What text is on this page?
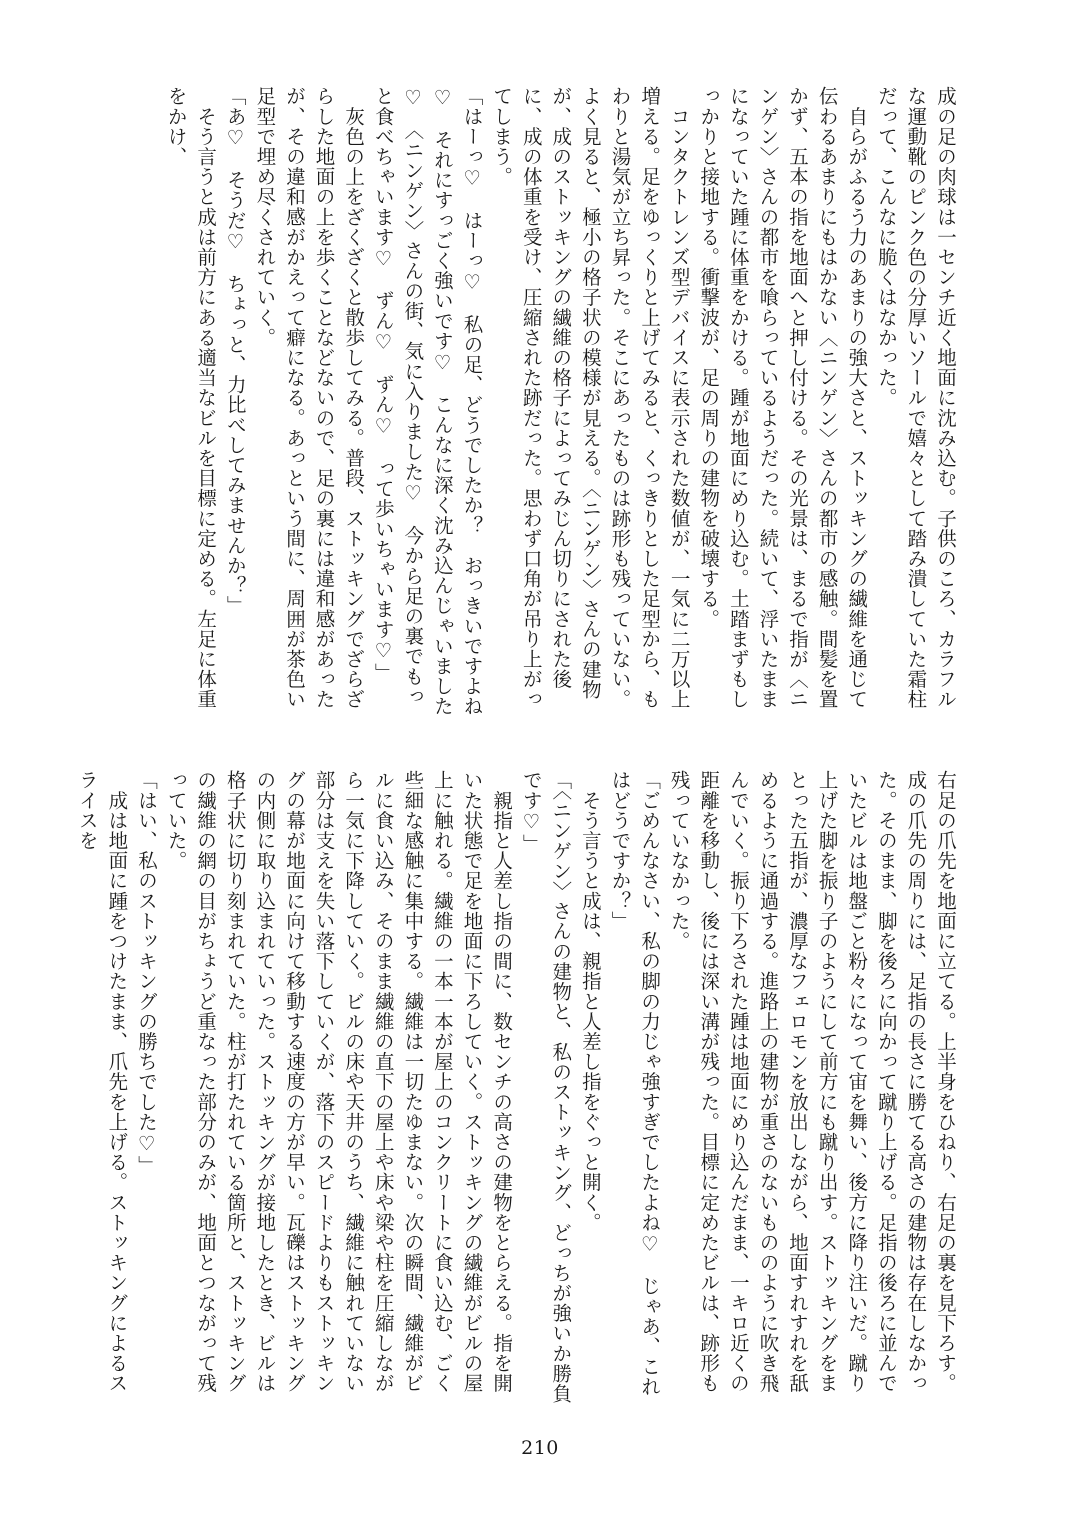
成の足の肉球は一センチ近く地面に沈み込む。子供のころ、カラフルな運動靴のピンク色の分厚いソールで嬉々として踏み潰していた霜柱だって、こんなに脆くはなかった。

　自らがふるう力のあまりの強大さと、ストッキングの繊維を通じて伝わるあまりにもはかない〈ニンゲン〉さんの都市の感触。間髪を置かず、五本の指を地面へと押し付ける。その光景は、まるで指が〈ニンゲン〉さんの都市を喰らっているようだった。続いて、浮いたままになっていた踵に体重をかける。踵が地面にめり込む。土踏まずもしっかりと接地する。衝撃波が、足の周りの建物を破壊する。

　コンタクトレンズ型デバイスに表示された数値が、一気に二万以上増える。足をゆっくりと上げてみると、くっきりとした足型から、もわりと湯気が立ち昇った。そこにあったものは跡形も残っていない。よく見ると、極小の格子状の模様が見える。〈ニンゲン〉さんの建物が、成のストッキングの繊維の格子によってみじん切りにされた後に、成の体重を受け、圧縮された跡だった。思わず口角が吊り上がってしまう。

「はーっ♡　はーっ♡　私の足、どうでしたか？　おっきいですよね♡　それにすっごく強いです♡　こんなに深く沈み込んじゃいました♡　〈ニンゲン〉さんの街、気に入りました♡　今から足の裏でもっと食べちゃいます♡　ずん♡　ずん♡　って歩いちゃいます♡」

　灰色の上をざくざくと散歩してみる。普段、ストッキングでざらざらした地面の上を歩くことなどないので、足の裏には違和感があったが、その違和感がかえって癖になる。あっという間に、周囲が茶色い足型で埋め尽くされていく。

「あ♡　そうだ♡　ちょっと、力比べしてみませんか？」

　そう言うと成は前方にある適当なビルを目標に定める。左足に体重をかけ、

右足の爪先を地面に立てる。上半身をひねり、右足の裏を見下ろす。成の爪先の周りには、足指の長さに勝てる高さの建物は存在しなかった。そのまま、脚を後ろに向かって蹴り上げる。足指の後ろに並んでいたビルは地盤ごと粉々になって宙を舞い、後方に降り注いだ。蹴り上げた脚を振り子のようにして前方にも蹴り出す。ストッキングをまとった五指が、濃厚なフェロモンを放出しながら、地面すれすれを舐めるように通過する。進路上の建物が重さのないもののように吹き飛んでいく。振り下ろされた踵は地面にめり込んだまま、一キロ近くの距離を移動し、後には深い溝が残った。目標に定めたビルは、跡形も残っていなかった。

「ごめんなさい、私の脚の力じゃ強すぎでしたよね♡　じゃあ、これはどうですか？」

　そう言うと成は、親指と人差し指をぐっと開く。

「〈ニンゲン〉さんの建物と、私のストッキング、どっちが強いか勝負です♡」

　親指と人差し指の間に、数センチの高さの建物をとらえる。指を開いた状態で足を地面に下ろしていく。ストッキングの繊維がビルの屋上に触れる。繊維の一本一本が屋上のコンクリートに食い込む、ごく些細な感触に集中する。繊維は一切たゆまない。次の瞬間、繊維がビルに食い込み、そのまま繊維の直下の屋上や床や梁や柱を圧縮しながら一気に下降していく。ビルの床や天井のうち、繊維に触れていない部分は支えを失い落下していくが、落下のスピードよりもストッキングの幕が地面に向けて移動する速度の方が早い。瓦礫はストッキングの内側に取り込まれていった。ストッキングが接地したとき、ビルは格子状に切り刻まれていた。柱が打たれている箇所と、ストッキングの繊維の網の目がちょうど重なった部分のみが、地面とつながって残っていた。

「はい、私のストッキングの勝ちでした♡」

　成は地面に踵をつけたまま、爪先を上げる。ストッキングによるスライスを

210
